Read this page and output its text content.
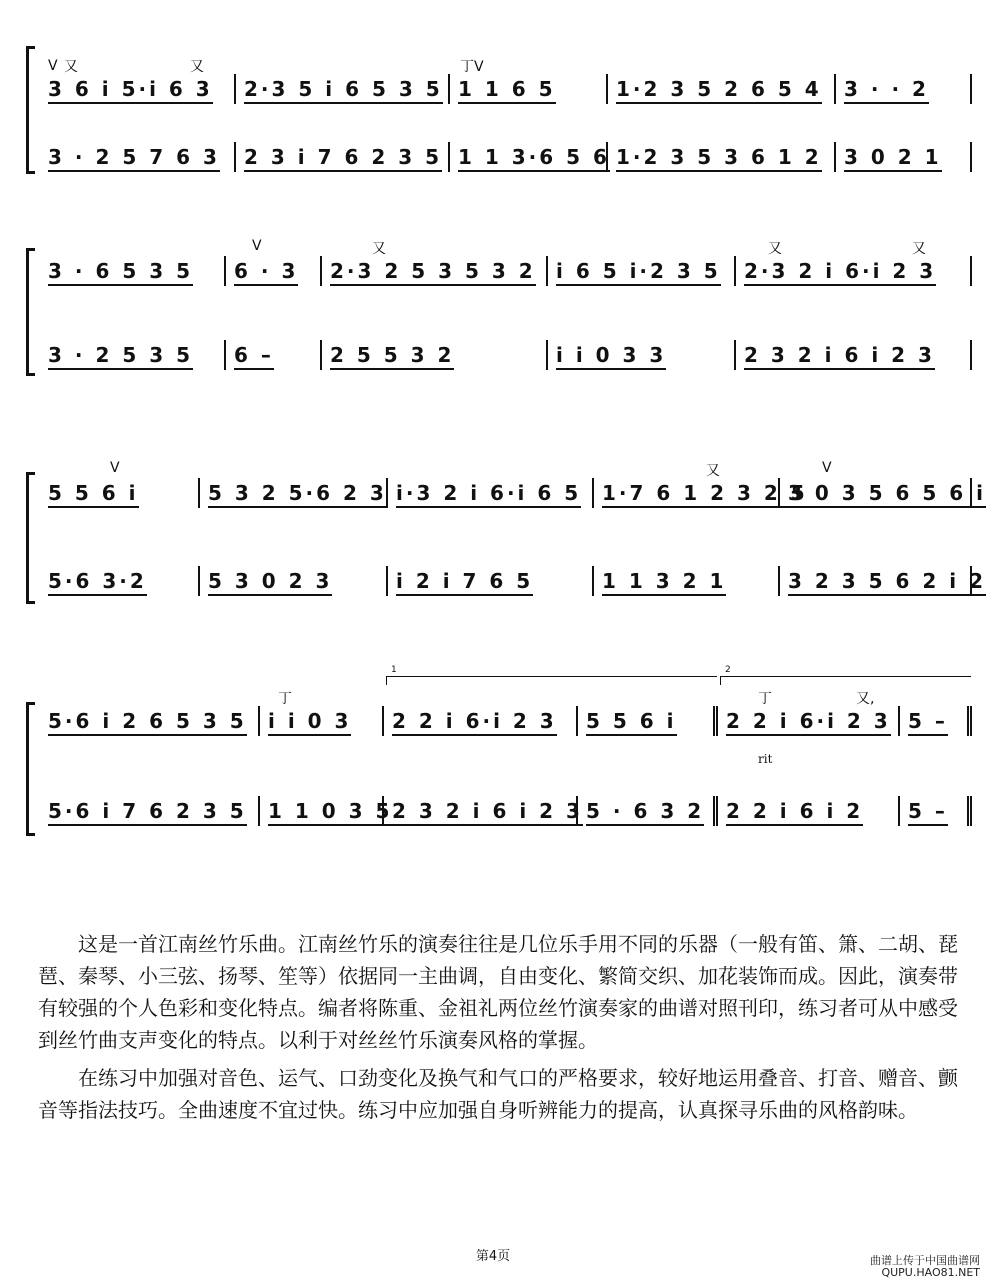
V 又	又
3 6 i 5·i 6 3 2·3 5 i 6 5 3 5
丁V
1 1 6 5	1·2 3 5 2 6 5 4 3 · · 2
3 · 2 5 7 6 3 2 3 i 7 6 2 3 5 1 1 3·6 5 6 1·2 3 5 3 6 1 2 3 0 2 1
3 · 6 5 3 5
V
6 · 3
又
2·3 2 5 3 5 3 2 i 6 5 i·2 3 5
又	又
2·3 2 i 6·i 2 3
3 · 2 5 3 5 6 –	2 5 5 3 2	i i 0 3 3	2 3 2 i 6 i 2 3
V
5 5 6 i	5 3 2 5·6 2 3 i·3 2 i 6·i 6 5
又
1·7 6 1 2 3 2 5
V
3 0 3 5 6 5 6 i
5·6 3·2	5 3 0 2 3	i 2 i 7 6 5	1 1 3 2 1	3 2 3 5 6 2 i 2
1	2
rit
5·6 i 2 6 5 3 5
丁
i i 0 3 2 2 i 6·i 2 3 5 5 6 i
丁	又,
2 2 i 6·i 2 3 5 –
5·6 i 7 6 2 3 5 1 1 0 3 5 2 3 2 i 6 i 2 3 5 · 6 3 2 2 2 i 6 i 2 5 –

这是一首江南丝竹乐曲。江南丝竹乐的演奏往往是几位乐手用不同的乐器（一般有笛、箫、二胡、琵琶、秦琴、小三弦、扬琴、笙等）依据同一主曲调，自由变化、繁简交织、加花装饰而成。因此，演奏带有较强的个人色彩和变化特点。编者将陈重、金祖礼两位丝竹演奏家的曲谱对照刊印，练习者可从中感受到丝竹曲支声变化的特点。以利于对丝丝竹乐演奏风格的掌握。

在练习中加强对音色、运气、口劲变化及换气和气口的严格要求，较好地运用叠音、打音、赠音、颤音等指法技巧。全曲速度不宜过快。练习中应加强自身听辨能力的提高，认真探寻乐曲的风格韵味。

第4页	曲谱上传于中国曲谱网
QUPU.HAO81.NET
